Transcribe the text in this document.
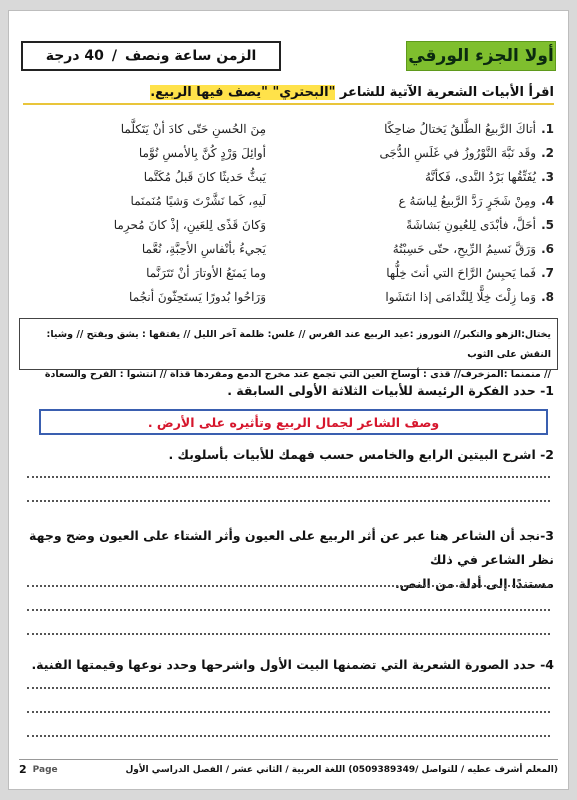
أولا الجزء الورقي
الزمن ساعة ونصف
/
40 درجة
اقرأ الأبيات الشعرية الآتية للشاعر "البحتري" "يصف فيها الربيع.
1.
أتاكَ الرَّبيعُ الطَّلقُ يَختالُ ضاحِكًا
مِنَ الحُسنِ حَتّى كادَ أنْ يَتَكلَّما
2.
وقَد نَبَّهَ النَّوْرُوزُ في غَلَسِ الدُّجَى
أوائِلَ وَرْدٍ كُنَّ بِالأمسِ نُوَّما
3.
يُفَتِّقُها بَرْدُ النَّدى، فَكأنَّهُ
يَبثُّ حَديثًا كانَ قَبلُ مُكَتَّما
4.
ومِنْ شَجَرٍ رَدَّ الرَّبيعُ لِباسَهُ ع
لَيهِ، كَما نَشَّرْتَ وَشيًا مُنَمنَما
5.
أحَلَّ، فأبْدَى لِلعُيونِ بَشاشَةً
وَكانَ قَذًى لِلعَينِ، إذْ كانَ مُحرِما
6.
وَرَقَّ نَسيمُ الرِّيحِ، حتّى حَسِبْتُهُ
يَجيءُ بأنْفاسِ الأحِبَّةِ، نُعَّما
7.
فَما يَحبِسُ الرَّاحَ التي أنتَ خِلُّها
وما يَمنَعُ الأوتارَ أنْ تَتَرَنَّما
8.
وَما زِلْتَ خِلًّا لِلنَّدامَى إذا انتَشَوا
وَرَاحُوا بُدورًا يَستَحِثّونَ أنجُما
يختال:الزهو والتكبر// النوروز :عيد الربيع عند الفرس // غلس: ظلمة آخر الليل // يفتقها : يشق ويفتح // وشيا: النقش على الثوب
// منمنما :المزخرف// قذى : أوساخ العين التي تجمع عند مخرج الدمع ومفردها قذاة // انتشوا : الفرح والسعادة
1- حدد الفكرة الرئيسة للأبيات الثلاثة الأولى السابقة .
وصف الشاعر لجمال الربيع وتأثيره على الأرض .
2- اشرح البيتين الرابع والخامس حسب فهمك للأبيات بأسلوبك .
3-نجد أن الشاعر هنا عبر عن أثر الربيع على العيون وأثر الشتاء على العيون وضح وجهة نظر الشاعر في ذلك
مستندًا إلى أدلة من النص.
4- حدد الصورة الشعرية التي تضمنها البيت الأول واشرحها وحدد نوعها وقيمتها الفنية.
(المعلم أشرف عطيه / للتواصل /0509389349) اللغة العربية / الثاني عشر / الفصل الدراسي الأول
Page
2
